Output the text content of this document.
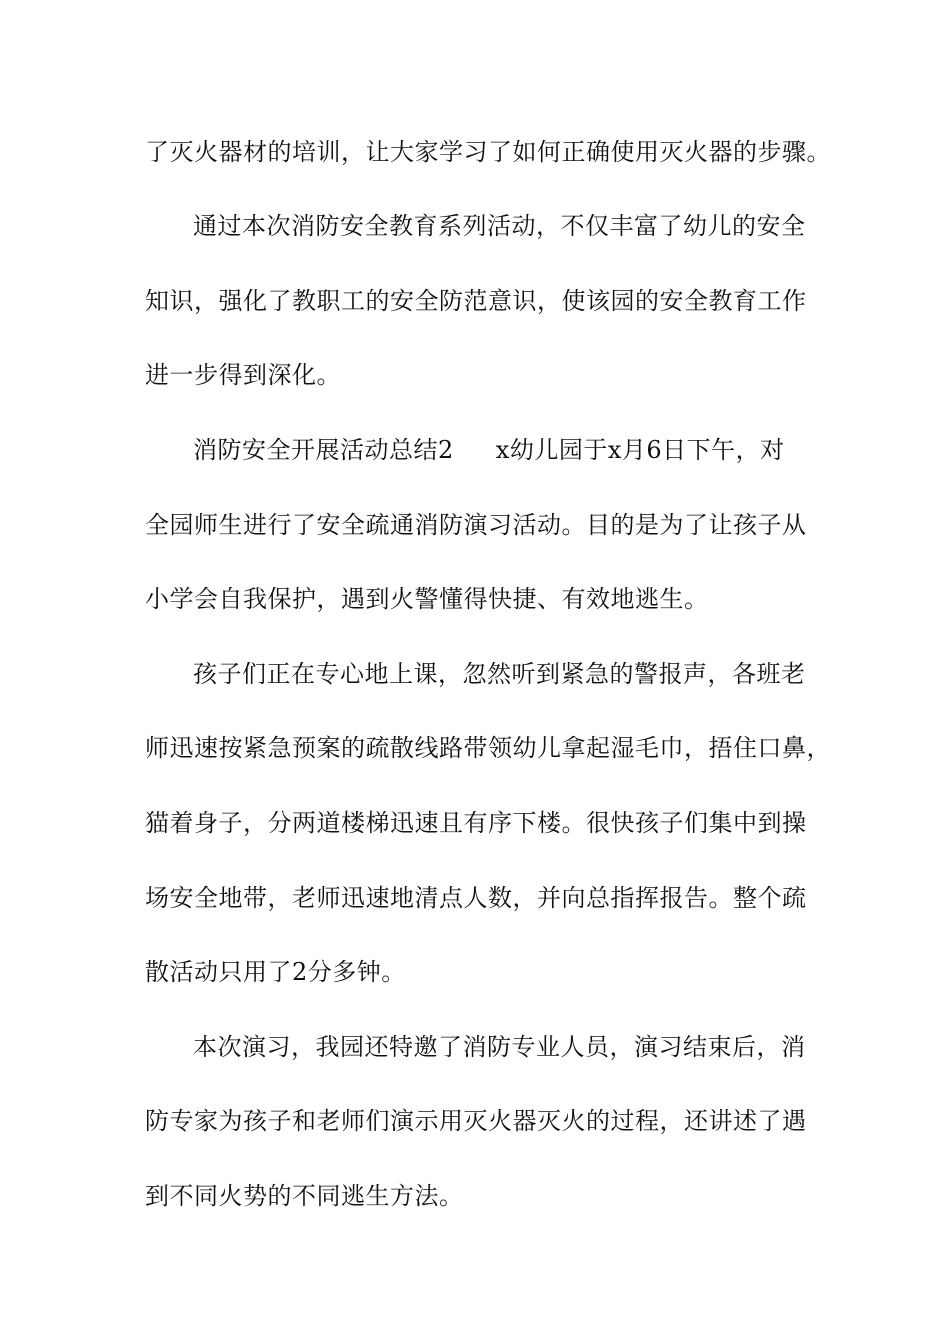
了灭火器材的培训，让大家学习了如何正确使用灭火器的步骤。
通过本次消防安全教育系列活动，不仅丰富了幼儿的安全
知识，强化了教职工的安全防范意识，使该园的安全教育工作
进一步得到深化。
消防安全开展活动总结2 x幼儿园于x月6日下午，对
全园师生进行了安全疏通消防演习活动。目的是为了让孩子从
小学会自我保护，遇到火警懂得快捷、有效地逃生。
孩子们正在专心地上课，忽然听到紧急的警报声，各班老
师迅速按紧急预案的疏散线路带领幼儿拿起湿毛巾，捂住口鼻，
猫着身子，分两道楼梯迅速且有序下楼。很快孩子们集中到操
场安全地带，老师迅速地清点人数，并向总指挥报告。整个疏
散活动只用了2分多钟。
本次演习，我园还特邀了消防专业人员，演习结束后，消
防专家为孩子和老师们演示用灭火器灭火的过程，还讲述了遇
到不同火势的不同逃生方法。
